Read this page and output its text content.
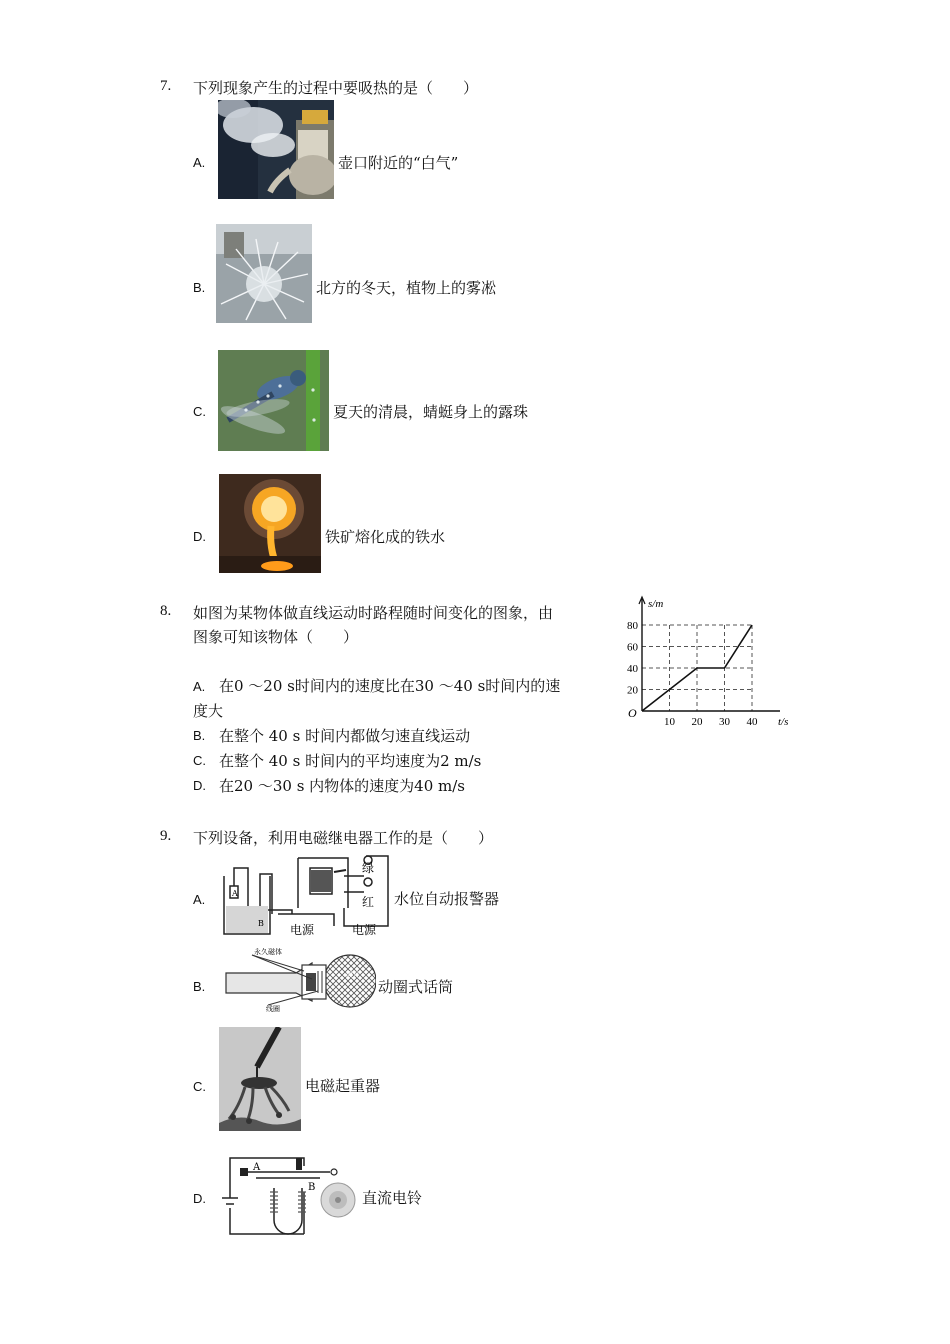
7. 下列现象产生的过程中要吸热的是（　　）
A.	壶口附近的“白气”
B.	北方的冬天，植物上的雾凇
C.	夏天的清晨，蜻蜓身上的露珠
D.	铁矿熔化成的铁水
8. 如图为某物体做直线运动时路程随时间变化的图象，由
图象可知该物体（　　）
A. 在0 ～20 s时间内的速度比在30 ～40 s时间内的速
度大
B. 在整个 40 s 时间内都做匀速直线运动
C. 在整个 40 s 时间内的平均速度为2 m/s
D. 在20 ～30 s 内物体的速度为40 m/s
10 20 30 40
20
40
60
80
O
s/m
t/s
9. 下列设备，利用电磁继电器工作的是（　　）
A.	A
B
绿
红
电源	电源
水位自动报警器
B.
永久磁体
线圈
膜片
动圈式话筒
C.	电磁起重器
D.
A
B
直流电铃
